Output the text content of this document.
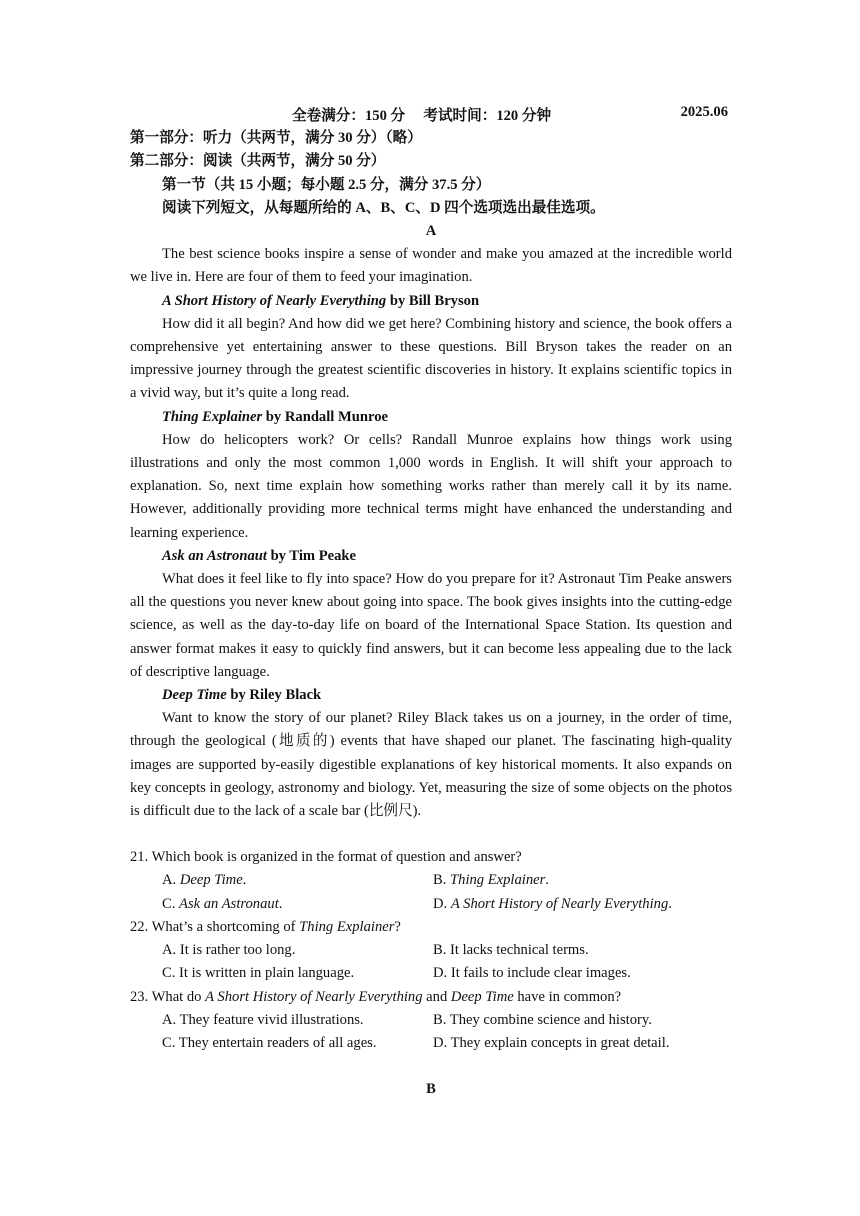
全卷满分：150 分　 考试时间：120 分钟	2025.06
第一部分：听力（共两节，满分 30 分）（略）
第二部分：阅读（共两节，满分 50 分）
第一节（共 15 小题；每小题 2.5 分，满分 37.5 分）
阅读下列短文，从每题所给的 A、B、C、D 四个选项选出最佳选项。
A

The best science books inspire a sense of wonder and make you amazed at the incredible world we live in. Here are four of them to feed your imagination.

A Short History of Nearly Everything by Bill Bryson

How did it all begin? And how did we get here? Combining history and science, the book offers a comprehensive yet entertaining answer to these questions. Bill Bryson takes the reader on an impressive journey through the greatest scientific discoveries in history. It explains scientific topics in a vivid way, but it’s quite a long read.

Thing Explainer by Randall Munroe

How do helicopters work? Or cells? Randall Munroe explains how things work using illustrations and only the most common 1,000 words in English. It will shift your approach to explanation. So, next time explain how something works rather than merely call it by its name. However, additionally providing more technical terms might have enhanced the understanding and learning experience.

Ask an Astronaut by Tim Peake

What does it feel like to fly into space? How do you prepare for it? Astronaut Tim Peake answers all the questions you never knew about going into space. The book gives insights into the cutting-edge science, as well as the day-to-day life on board of the International Space Station. Its question and answer format makes it easy to quickly find answers, but it can become less appealing due to the lack of descriptive language.

Deep Time by Riley Black

Want to know the story of our planet? Riley Black takes us on a journey, in the order of time, through the geological (地质的) events that have shaped our planet. The fascinating high-quality images are supported by-easily digestible explanations of key historical moments. It also expands on key concepts in geology, astronomy and biology. Yet, measuring the size of some objects on the photos is difficult due to the lack of a scale bar (比例尺).

21. Which book is organized in the format of question and answer?
A. Deep Time.	B. Thing Explainer.
C. Ask an Astronaut.	D. A Short History of Nearly Everything.
22. What’s a shortcoming of Thing Explainer?
A. It is rather too long.	B. It lacks technical terms.
C. It is written in plain language.	D. It fails to include clear images.
23. What do A Short History of Nearly Everything and Deep Time have in common?
A. They feature vivid illustrations.	B. They combine science and history.
C. They entertain readers of all ages.	D. They explain concepts in great detail.
B
